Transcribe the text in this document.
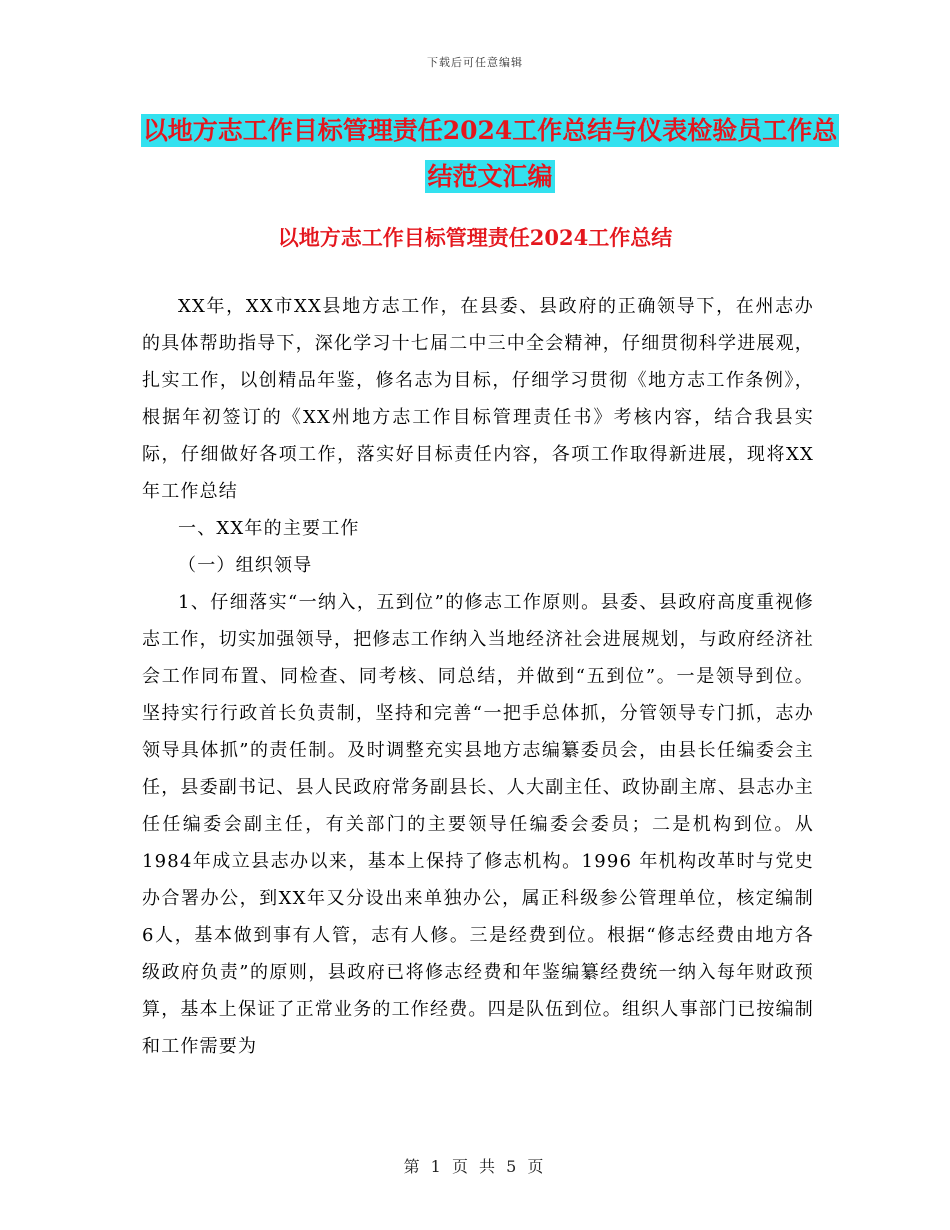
下载后可任意编辑
以地方志工作目标管理责任2024工作总结与仪表检验员工作总结范文汇编
以地方志工作目标管理责任2024工作总结

XX年，XX市XX县地方志工作，在县委、县政府的正确领导下，在州志办的具体帮助指导下，深化学习十七届二中三中全会精神，仔细贯彻科学进展观，扎实工作，以创精品年鉴，修名志为目标，仔细学习贯彻《地方志工作条例》，根据年初签订的《XX州地方志工作目标管理责任书》考核内容，结合我县实际，仔细做好各项工作，落实好目标责任内容，各项工作取得新进展，现将XX年工作总结

一、XX年的主要工作

（一）组织领导

1、仔细落实“一纳入，五到位”的修志工作原则。县委、县政府高度重视修志工作，切实加强领导，把修志工作纳入当地经济社会进展规划，与政府经济社会工作同布置、同检查、同考核、同总结，并做到“五到位”。一是领导到位。坚持实行行政首长负责制，坚持和完善“一把手总体抓，分管领导专门抓，志办领导具体抓”的责任制。及时调整充实县地方志编纂委员会，由县长任编委会主任，县委副书记、县人民政府常务副县长、人大副主任、政协副主席、县志办主任任编委会副主任，有关部门的主要领导任编委会委员；二是机构到位。从1984年成立县志办以来，基本上保持了修志机构。1996 年机构改革时与党史办合署办公，到XX年又分设出来单独办公，属正科级参公管理单位，核定编制6人，基本做到事有人管，志有人修。三是经费到位。根据“修志经费由地方各级政府负责”的原则，县政府已将修志经费和年鉴编纂经费统一纳入每年财政预算，基本上保证了正常业务的工作经费。四是队伍到位。组织人事部门已按编制和工作需要为

第 1 页 共 5 页
